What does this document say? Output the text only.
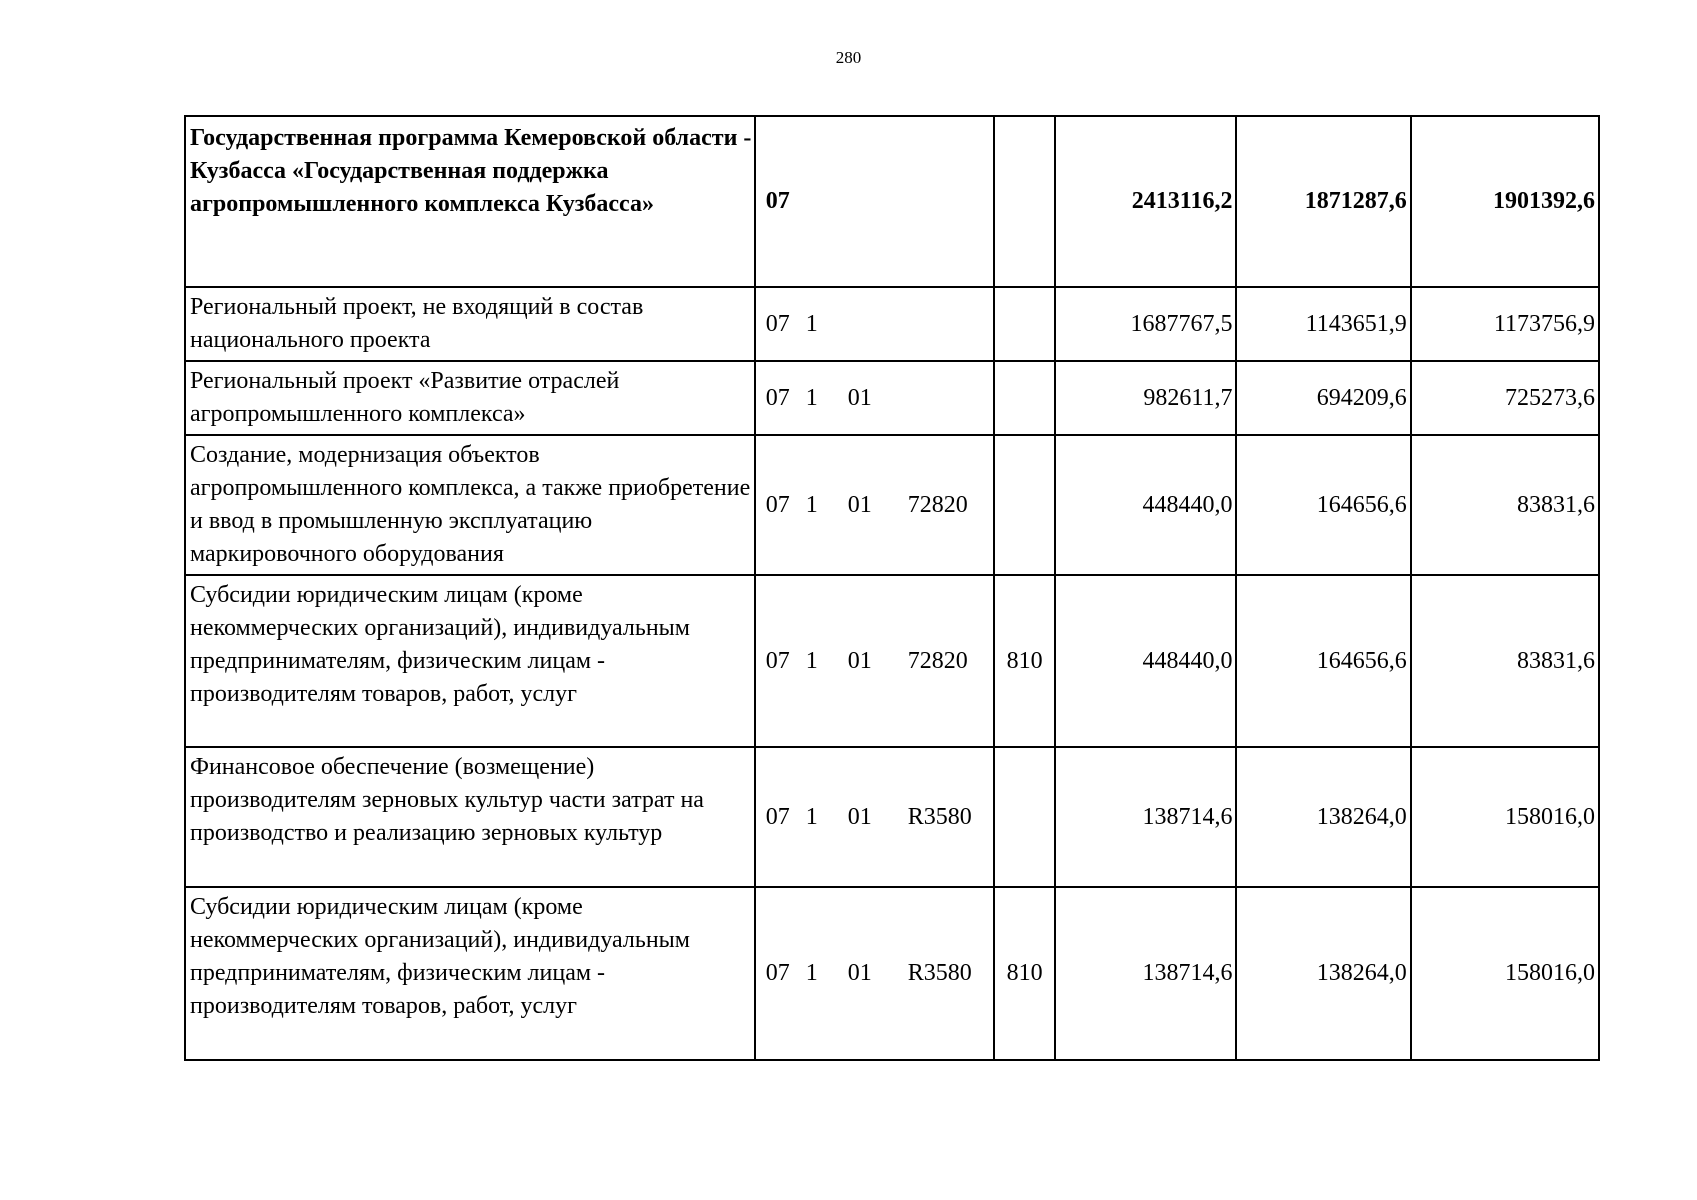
280
Государственная программа Кемеровской области - Кузбасса «Государственная поддержка агропромышленного комплекса Кузбасса»	07		2413116,2	1871287,6	1901392,6
Региональный проект, не входящий в состав национального проекта	07 1		1687767,5	1143651,9	1173756,9
Региональный проект «Развитие отраслей агропромышленного комплекса»	07 1 01		982611,7	694209,6	725273,6
Создание, модернизация объектов агропромышленного комплекса, а также приобретение и ввод в промышленную эксплуатацию маркировочного оборудования	07 1 01 72820		448440,0	164656,6	83831,6
Субсидии юридическим лицам (кроме некоммерческих организаций), индивидуальным предпринимателям, физическим лицам - производителям товаров, работ, услуг	07 1 01 72820	810	448440,0	164656,6	83831,6
Финансовое обеспечение (возмещение) производителям зерновых культур части затрат на производство и реализацию зерновых культур	07 1 01 R3580		138714,6	138264,0	158016,0
Субсидии юридическим лицам (кроме некоммерческих организаций), индивидуальным предпринимателям, физическим лицам - производителям товаров, работ, услуг	07 1 01 R3580	810	138714,6	138264,0	158016,0
